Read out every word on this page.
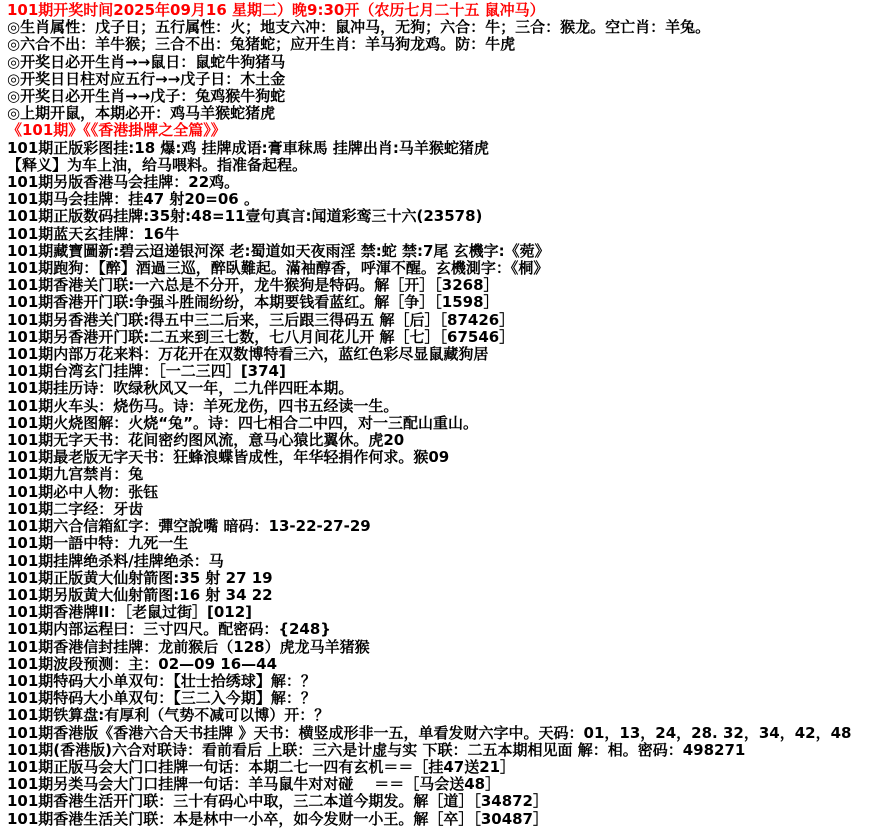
101期开奖时间2025年09月16 星期二）晚9:30开（农历七月二十五 鼠冲马）
◎生肖属性：戊子日；五行属性：火；地支六冲：鼠冲马，无狗；六合：牛；三合：猴龙。空亡肖：羊兔。
◎六合不出：羊牛猴；三合不出：兔猪蛇；应开生肖：羊马狗龙鸡。防：牛虎
◎开奖日必开生肖→→鼠日：鼠蛇牛狗猪马
◎开奖日日柱对应五行→→戊子日：木土金
◎开奖日必开生肖→→戊子：兔鸡猴牛狗蛇
◎上期开鼠，本期必开：鸡马羊猴蛇猪虎
《101期》《《香港掛牌之全篇》》
101期正版彩图挂:18 爆:鸡 挂牌成语:膏車秣馬 挂牌出肖:马羊猴蛇猪虎
【释义】为车上油，给马喂料。指准备起程。
101期另版香港马会挂牌：22鸡。
101期马会挂牌：挂47 射20=06 。
101期正版数码挂牌:35射:48=11壹句真言:闻道彩鸾三十六(23578)
101期蓝天玄挂牌：16牛
101期藏寶圖新:碧云迢递银河深 老:蜀道如天夜雨淫 禁:蛇 禁:7尾 玄機字:《菀》
101期跑狗：【醉】酒過三巡，醉臥難起。滿袖醇香，呼渾不醒。玄機測字：《桐》
101期香港关门联:一六总是不分开，龙牛猴狗是特码。解［开］［3268］
101期香港开门联:争强斗胜闹纷纷，本期要钱看蓝红。解［争］［1598］
101期另香港关门联:得五中三二后来，三后跟三得码五 解［后］［87426］
101期另香港开门联:二五来到三七数，七八月间花儿开 解［七］［67546］
101期内部万花来料：万花开在双数博特看三六，蓝红色彩尽显鼠藏狗居
101期台湾玄门挂牌：［一二三四］[374]
101期挂历诗：吹绿秋风又一年，二九伴四旺本期。
101期火车头：烧伤马。诗：羊死龙伤，四书五经读一生。
101期火烧图解：火烧“兔”。诗：四七相合二中四，对一三配山重山。
101期无字天书：花间密约图风流，意马心猿比翼休。虎20
101期最老版无字天书：狂蜂浪蝶皆成性，年华轻捐作何求。猴09
101期九宫禁肖：兔
101期必中人物：张钰
101期二字经：牙齿
101期六合信箱紅字：彈空說嘴 暗码：13-22-27-29
101期一語中特：九死一生
101期挂牌绝杀料/挂牌绝杀：马
101期正版黄大仙射箭图:35 射 27 19
101期另版黄大仙射箭图:16 射 34 22
101期香港牌II：［老鼠过街］[012]
101期内部运程曰：三寸四尺。配密码：{248}
101期香港信封挂牌：龙前猴后（128）虎龙马羊猪猴
101期波段预测：主：02—09 16—44
101期特码大小单双句：【壮士拾绣球】解：？
101期特码大小单双句：【三二入今期】解：？
101期铁算盘:有厚利（气势不减可以博）开：？
101期香港版《香港六合天书挂牌 》天书：横竖成形非一五，单看发财六字中。天码：01，13，24，28. 32，34，42，48
101期(香港版)六合对联诗：看前看后 上联：三六是计虚与实 下联：二五本期相见面 解：相。密码：498271
101期正版马会大门口挂牌一句话：本期二七一四有玄机＝＝［挂47送21］
101期另类马会大门口挂牌一句话：羊马鼠牛对对碰    ＝＝［马会送48］
101期香港生活开门联：三十有码心中取，三二本道今期发。解［道］［34872］
101期香港生活关门联：本是林中一小卒，如今发财一小王。解［卒］［30487］
